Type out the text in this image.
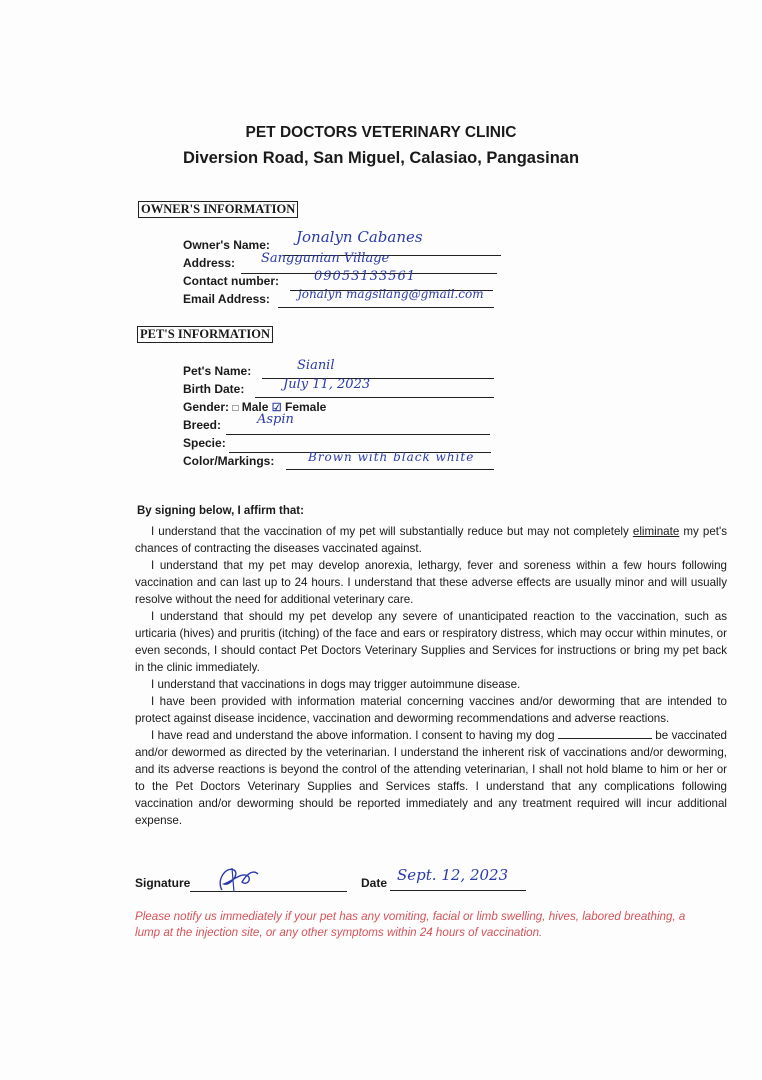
PET DOCTORS VETERINARY CLINIC
Diversion Road, San Miguel, Calasiao, Pangasinan
OWNER'S INFORMATION
Owner's Name: Jonalyn Cabanes
Address: Sanggunian Village
Contact number:	09053133561
Email Address: jonalyn magsilang@gmail.com
PET'S INFORMATION
Pet's Name:	Sianil
Birth Date:	July 11, 2023
Gender: □ Male ☑ Female
Breed:	Aspin
Specie:
Color/Markings:	Brown with black white
By signing below, I affirm that:

I understand that the vaccination of my pet will substantially reduce but may not completely eliminate my pet's chances of contracting the diseases vaccinated against.

I understand that my pet may develop anorexia, lethargy, fever and soreness within a few hours following vaccination and can last up to 24 hours. I understand that these adverse effects are usually minor and will usually resolve without the need for additional veterinary care.

I understand that should my pet develop any severe of unanticipated reaction to the vaccination, such as urticaria (hives) and pruritis (itching) of the face and ears or respiratory distress, which may occur within minutes, or even seconds, I should contact Pet Doctors Veterinary Supplies and Services for instructions or bring my pet back in the clinic immediately.

I understand that vaccinations in dogs may trigger autoimmune disease.

I have been provided with information material concerning vaccines and/or deworming that are intended to protect against disease incidence, vaccination and deworming recommendations and adverse reactions.

I have read and understand the above information. I consent to having my dog	be vaccinated and/or dewormed as directed by the veterinarian. I understand the inherent risk of vaccinations and/or deworming, and its adverse reactions is beyond the control of the attending veterinarian, I shall not hold blame to him or her or to the Pet Doctors Veterinary Supplies and Services staffs. I understand that any complications following vaccination and/or deworming should be reported immediately and any treatment required will incur additional expense.

Signature	Date Sept. 12, 2023
Please notify us immediately if your pet has any vomiting, facial or limb swelling, hives, labored breathing, a lump at the injection site, or any other symptoms within 24 hours of vaccination.
